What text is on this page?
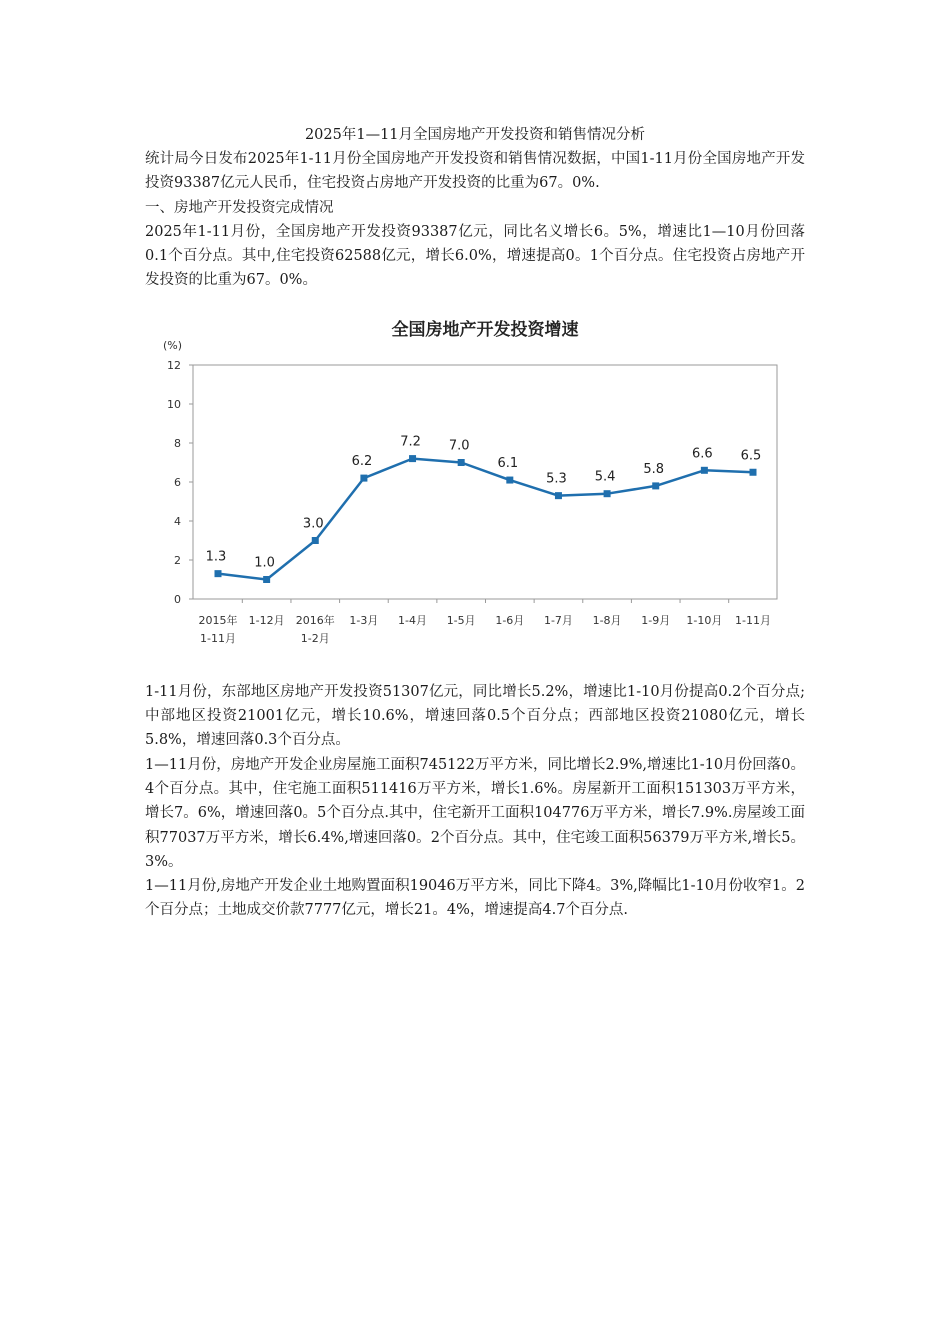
2025年1—11月全国房地产开发投资和销售情况分析

统计局今日发布2025年1-11月份全国房地产开发投资和销售情况数据，中国1-11月份全国房地产开发投资93387亿元人民币，住宅投资占房地产开发投资的比重为67。0%.

一、房地产开发投资完成情况

2025年1-11月份，全国房地产开发投资93387亿元，同比名义增长6。5%，增速比1—10月份回落0.1个百分点。其中,住宅投资62588亿元，增长6.0%，增速提高0。1个百分点。住宅投资占房地产开发投资的比重为67。0%。

全国房地产开发投资增速
(%)
0
2
4
6
8
10
12
2015年
1-11月
1-12月 2016年
1-2月
1-3月 1-4月 1-5月 1-6月 1-7月 1-8月 1-9月 1-10月 1-11月
1.3 1.0
3.0
6.2
7.2 7.0
6.1
5.3 5.4
5.8
6.6 6.5

1-11月份，东部地区房地产开发投资51307亿元，同比增长5.2%，增速比1-10月份提高0.2个百分点;中部地区投资21001亿元，增长10.6%，增速回落0.5个百分点；西部地区投资21080亿元，增长5.8%，增速回落0.3个百分点。

1—11月份，房地产开发企业房屋施工面积745122万平方米，同比增长2.9%,增速比1-10月份回落0。4个百分点。其中，住宅施工面积511416万平方米，增长1.6%。房屋新开工面积151303万平方米，增长7。6%，增速回落0。5个百分点.其中，住宅新开工面积104776万平方米，增长7.9%.房屋竣工面积77037万平方米，增长6.4%,增速回落0。2个百分点。其中，住宅竣工面积56379万平方米,增长5。3%。

1—11月份,房地产开发企业土地购置面积19046万平方米，同比下降4。3%,降幅比1-10月份收窄1。2个百分点；土地成交价款7777亿元，增长21。4%，增速提高4.7个百分点.
